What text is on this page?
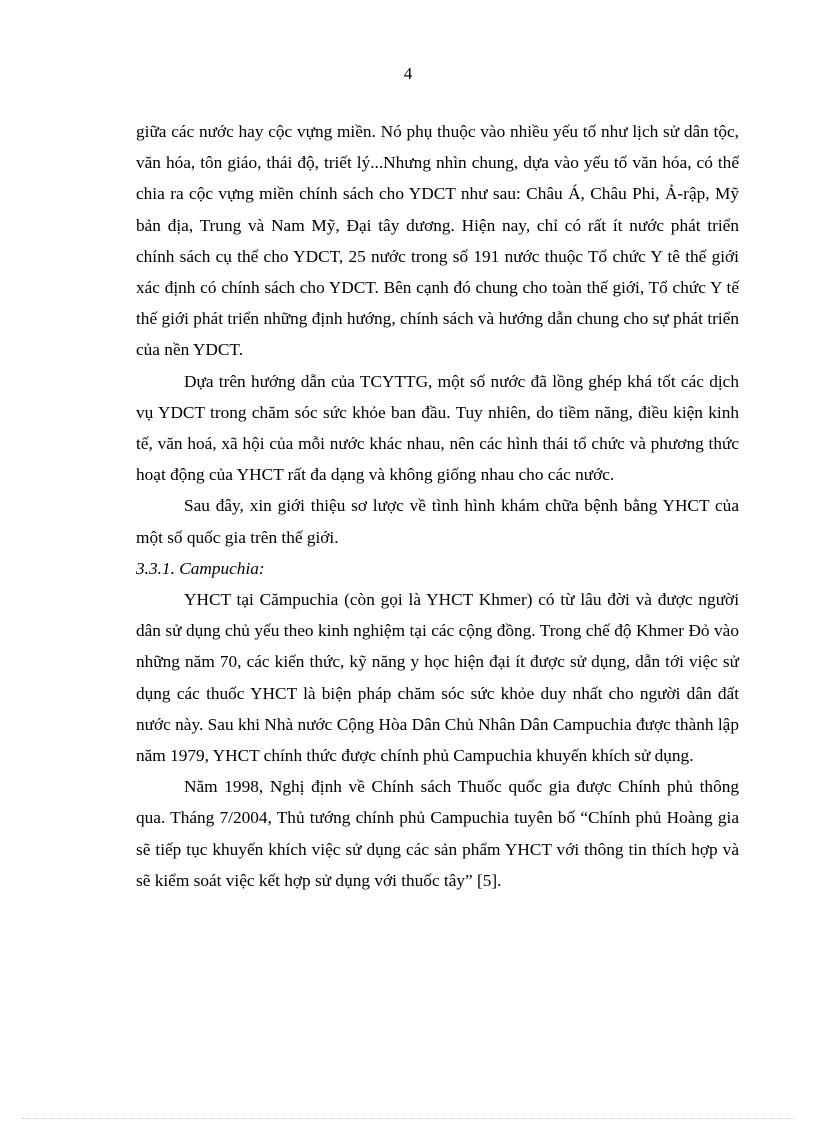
4

giữa các nước hay cộc vựng miền. Nó phụ thuộc vào nhiều yếu tố như lịch sử dân tộc, văn hóa, tôn giáo, thái độ, triết lý...Nhưng nhìn chung, dựa vào yếu tố văn hóa, có thể chia ra cộc vựng miền chính sách cho YDCT như sau: Châu Á, Châu Phi, Ả-rập, Mỹ bản địa, Trung và Nam Mỹ, Đại tây dương. Hiện nay, chỉ có rất ít nước phát triển chính sách cụ thể cho YDCT, 25 nước trong số 191 nước thuộc Tổ chức Y tê thế giới xác định có chính sách cho YDCT. Bên cạnh đó chung cho toàn thế giới, Tổ chức Y tế thế giới phát triển những định hướng, chính sách và hướng dẫn chung cho sự phát triển của nền YDCT.

Dựa trên hướng dẫn của TCYTTG, một số nước đã lồng ghép khá tốt các dịch vụ YDCT trong chăm sóc sức khỏe ban đầu. Tuy nhiên, do tiềm năng, điều kiện kinh tế, văn hoá, xã hội của mỗi nước khác nhau, nên các hình thái tổ chức và phương thức hoạt động của YHCT rất đa dạng và không giống nhau cho các nước.

Sau đây, xin giới thiệu sơ lược về tình hình khám chữa bệnh bằng YHCT của một số quốc gia trên thế giới.

3.3.1. Campuchia:

YHCT tại Cămpuchia (còn gọi là YHCT Khmer) có từ lâu đời và được người dân sử dụng chủ yếu theo kinh nghiệm tại các cộng đồng. Trong chế độ Khmer Đỏ vào những năm 70, các kiến thức, kỹ năng y học hiện đại ít được sử dụng, dẫn tới việc sử dụng các thuốc YHCT là biện pháp chăm sóc sức khỏe duy nhất cho người dân đất nước này. Sau khi Nhà nước Cộng Hòa Dân Chủ Nhân Dân Campuchia được thành lập năm 1979, YHCT chính thức được chính phủ Campuchia khuyến khích sử dụng.

Năm 1998, Nghị định về Chính sách Thuốc quốc gia được Chính phủ thông qua. Tháng 7/2004, Thủ tướng chính phủ Campuchia tuyên bố “Chính phủ Hoàng gia sẽ tiếp tục khuyến khích việc sử dụng các sản phẩm YHCT với thông tin thích hợp và sẽ kiểm soát việc kết hợp sử dụng với thuốc tây” [5].
